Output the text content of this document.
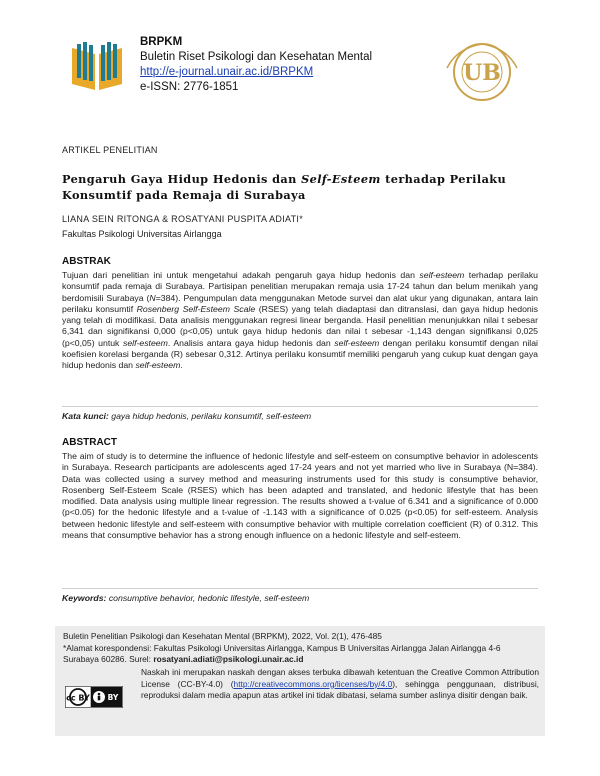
BRPKM
Buletin Riset Psikologi dan Kesehatan Mental
http://e-journal.unair.ac.id/BRPKM
e-ISSN: 2776-1851
UB
ARTIKEL PENELITIAN
Pengaruh Gaya Hidup Hedonis dan Self-Esteem terhadap Perilaku Konsumtif pada Remaja di Surabaya
LIANA SEIN RITONGA & ROSATYANI PUSPITA ADIATI*
Fakultas Psikologi Universitas Airlangga
ABSTRAK
Tujuan dari penelitian ini untuk mengetahui adakah pengaruh gaya hidup hedonis dan self-esteem terhadap perilaku konsumtif pada remaja di Surabaya. Partisipan penelitian merupakan remaja usia 17-24 tahun dan belum menikah yang berdomisili Surabaya (N=384). Pengumpulan data menggunakan Metode survei dan alat ukur yang digunakan, antara lain perilaku konsumtif Rosenberg Self-Esteem Scale (RSES) yang telah diadaptasi dan ditranslasi, dan gaya hidup hedonis yang telah di modifikasi. Data analisis menggunakan regresi linear berganda. Hasil penelitian menunjukkan nilai t sebesar 6,341 dan signifikansi 0,000 (p<0,05) untuk gaya hidup hedonis dan nilai t sebesar -1,143 dengan signifikansi 0,025 (p<0,05) untuk self-esteem. Analisis antara gaya hidup hedonis dan self-esteem dengan perilaku konsumtif dengan nilai koefisien korelasi berganda (R) sebesar 0,312. Artinya perilaku konsumtif memiliki pengaruh yang cukup kuat dengan gaya hidup hedonis dan self-esteem.
Kata kunci: gaya hidup hedonis, perilaku konsumtif, self-esteem
ABSTRACT
The aim of study is to determine the influence of hedonic lifestyle and self-esteem on consumptive behavior in adolescents in Surabaya. Research participants are adolescents aged 17-24 years and not yet married who live in Surabaya (N=384). Data was collected using a survey method and measuring instruments used for this study is consumptive behavior, Rosenberg Self-Esteem Scale (RSES) which has been adapted and translated, and hedonic lifestyle that has been modified. Data analysis using multiple linear regression. The results showed a t-value of 6.341 and a significance of 0.000 (p<0.05) for the hedonic lifestyle and a t-value of -1.143 with a significance of 0.025 (p<0.05) for self-esteem. Analysis between hedonic lifestyle and self-esteem with consumptive behavior with multiple correlation coefficient (R) of 0.312. This means that consumptive behavior has a strong enough influence on a hedonic lifestyle and self-esteem.
Keywords: consumptive behavior, hedonic lifestyle, self-esteem
Buletin Penelitian Psikologi dan Kesehatan Mental (BRPKM), 2022, Vol. 2(1), 476-485
*Alamat korespondensi: Fakultas Psikologi Universitas Airlangga, Kampus B Universitas Airlangga Jalan Airlangga 4-6 Surabaya 60286. Surel: rosatyani.adiati@psikologi.unair.ac.id
cc BY BY
Naskah ini merupakan naskah dengan akses terbuka dibawah ketentuan the Creative Common Attribution License (CC-BY-4.0) (http://creativecommons.org/licenses/by/4.0), sehingga penggunaan, distribusi, reproduksi dalam media apapun atas artikel ini tidak dibatasi, selama sumber aslinya disitir dengan baik.
